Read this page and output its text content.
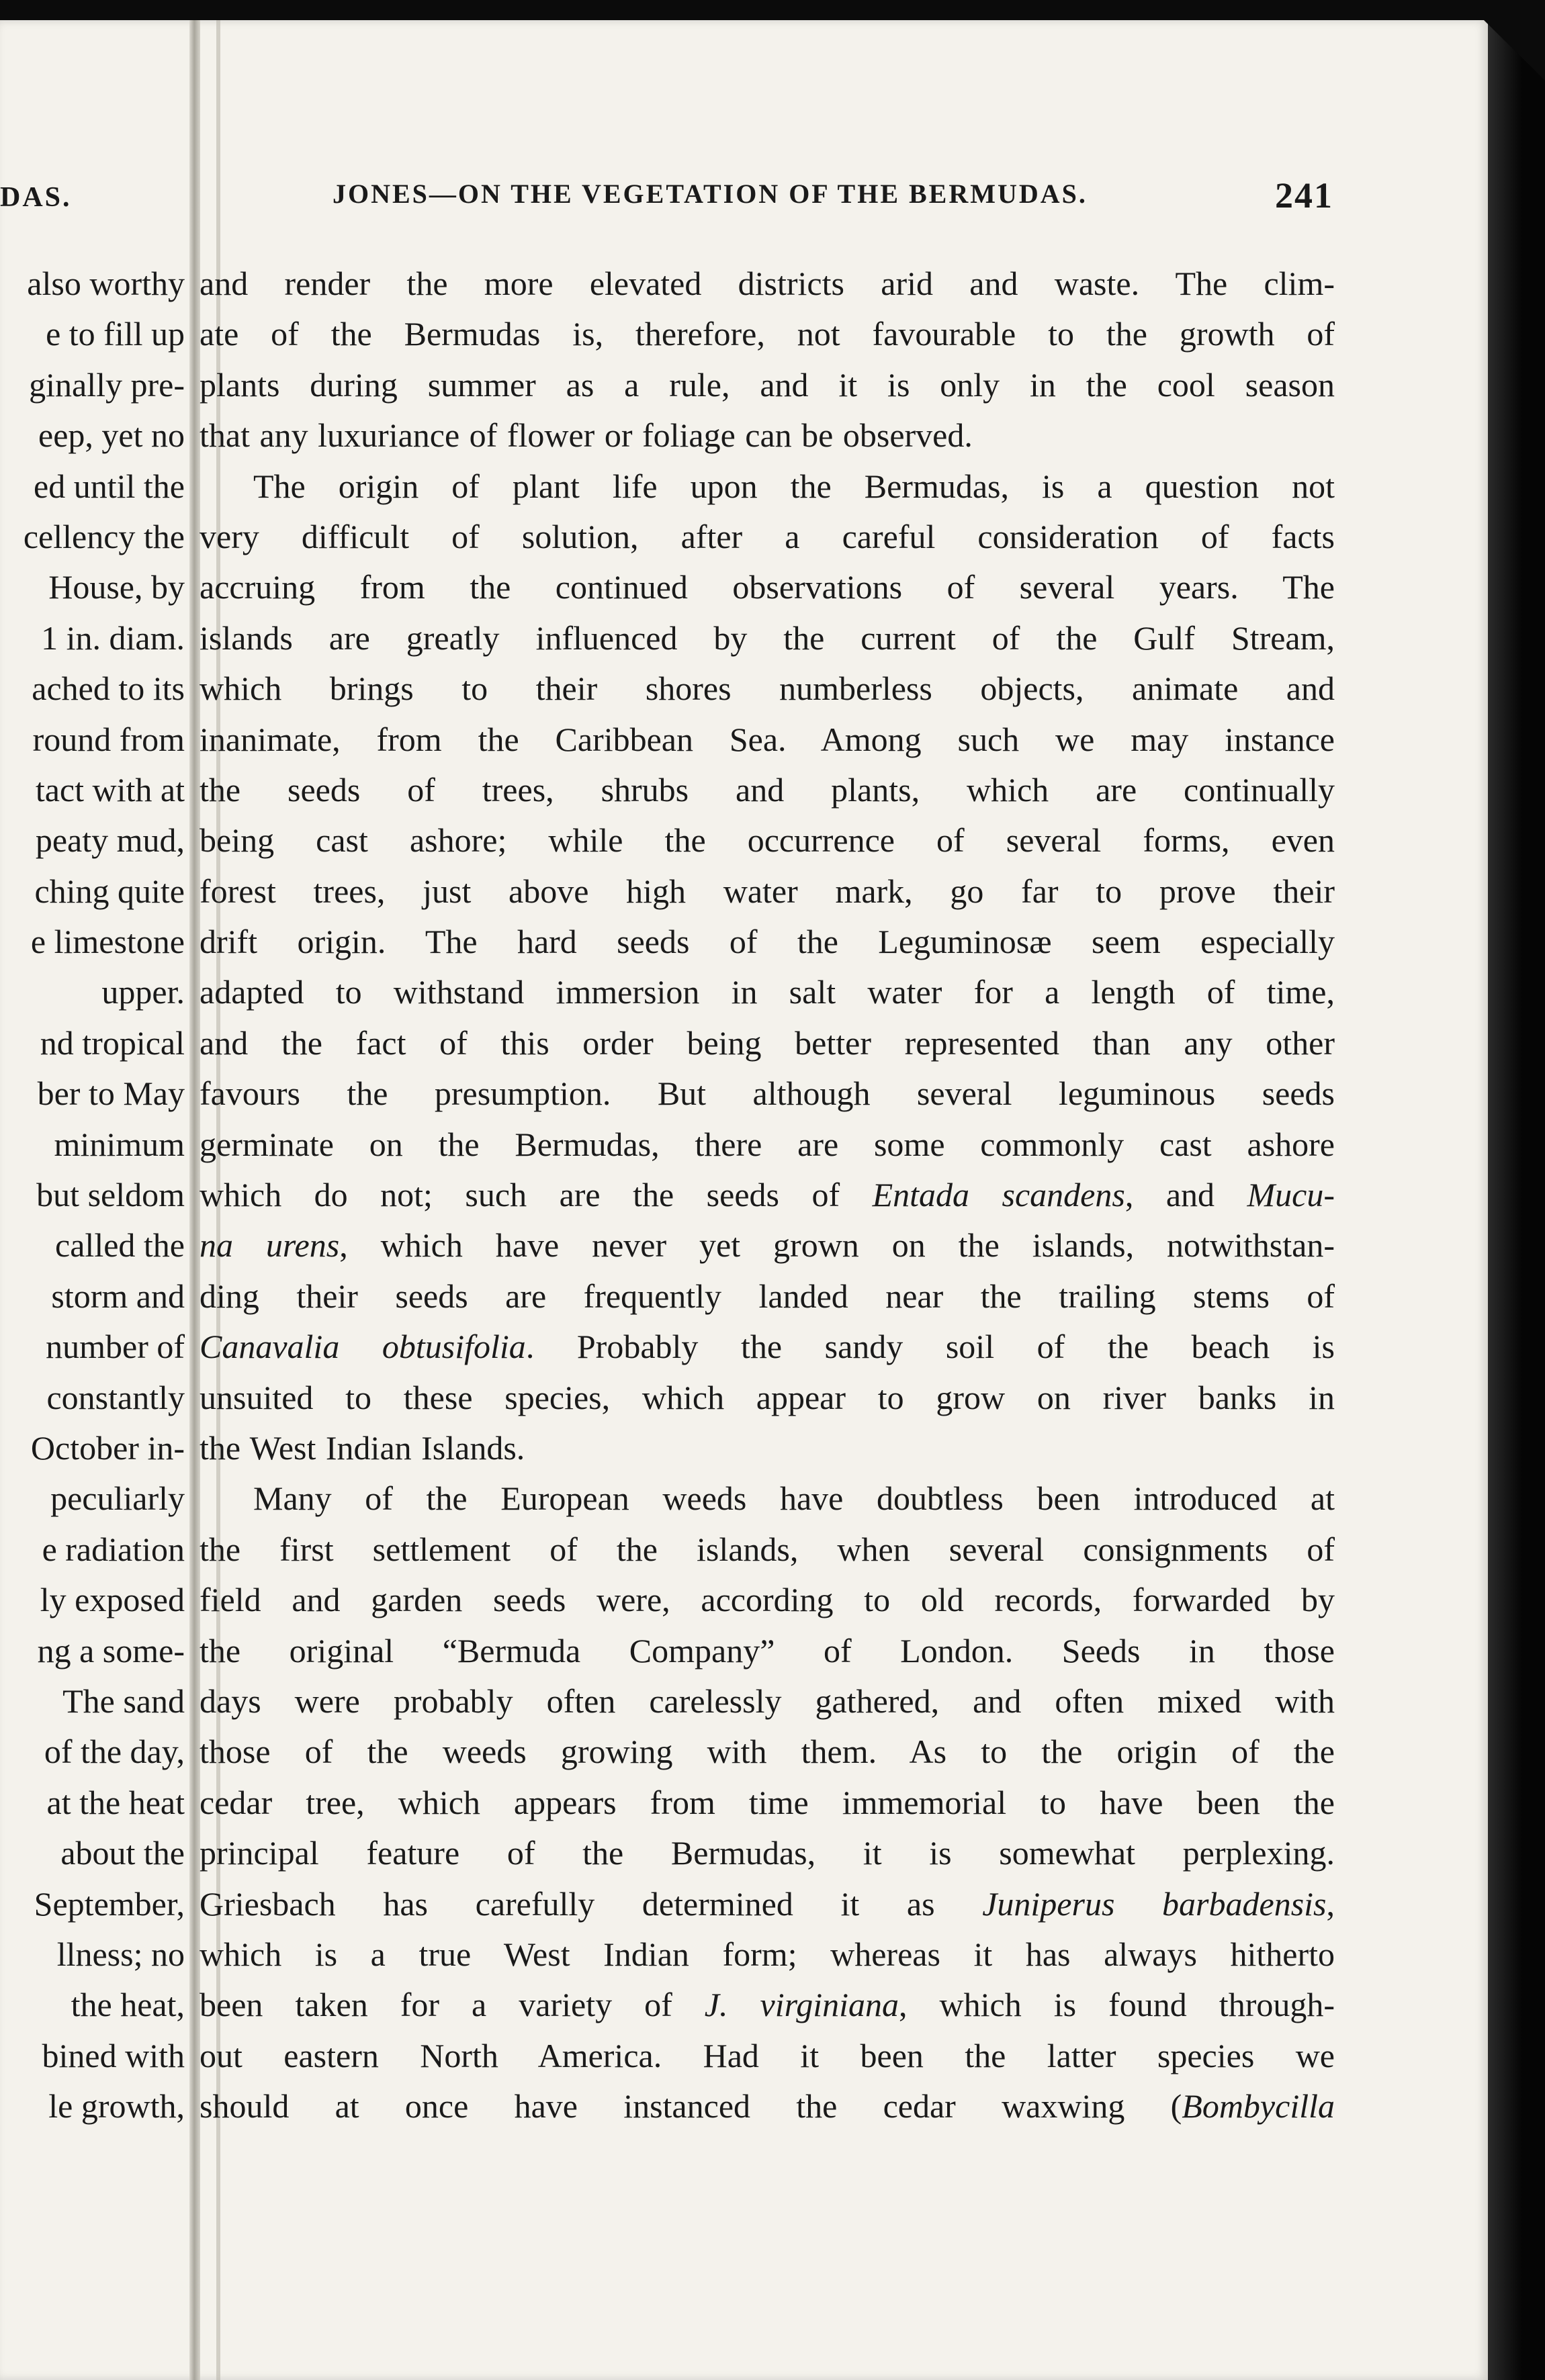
DAS.	JONES—ON THE VEGETATION OF THE BERMUDAS.	241
also worthy
e to fill up
ginally pre-
eep, yet no
ed until the
cellency the
House, by
1 in. diam.
ached to its
round from
tact with at
peaty mud,
ching quite
e limestone
upper.
nd tropical
ber to May
minimum
but seldom
called the
storm and
number of
constantly
October in-
peculiarly
e radiation
ly exposed
ng a some-
The sand
of the day,
at the heat
about the
September,
llness; no
the heat,
bined with
le growth,
and render the more elevated districts arid and waste. The clim-
ate of the Bermudas is, therefore, not favourable to the growth of
plants during summer as a rule, and it is only in the cool season
that any luxuriance of flower or foliage can be observed.
The origin of plant life upon the Bermudas, is a question not
very difficult of solution, after a careful consideration of facts
accruing from the continued observations of several years. The
islands are greatly influenced by the current of the Gulf Stream,
which brings to their shores numberless objects, animate and
inanimate, from the Caribbean Sea. Among such we may instance
the seeds of trees, shrubs and plants, which are continually
being cast ashore; while the occurrence of several forms, even
forest trees, just above high water mark, go far to prove their
drift origin. The hard seeds of the Leguminosæ seem especially
adapted to withstand immersion in salt water for a length of time,
and the fact of this order being better represented than any other
favours the presumption. But although several leguminous seeds
germinate on the Bermudas, there are some commonly cast ashore
which do not; such are the seeds of Entada scandens, and Mucu-
na urens, which have never yet grown on the islands, notwithstan-
ding their seeds are frequently landed near the trailing stems of
Canavalia obtusifolia. Probably the sandy soil of the beach is
unsuited to these species, which appear to grow on river banks in
the West Indian Islands.
Many of the European weeds have doubtless been introduced at
the first settlement of the islands, when several consignments of
field and garden seeds were, according to old records, forwarded by
the original “Bermuda Company” of London. Seeds in those
days were probably often carelessly gathered, and often mixed with
those of the weeds growing with them. As to the origin of the
cedar tree, which appears from time immemorial to have been the
principal feature of the Bermudas, it is somewhat perplexing.
Griesbach has carefully determined it as Juniperus barbadensis,
which is a true West Indian form; whereas it has always hitherto
been taken for a variety of J. virginiana, which is found through-
out eastern North America. Had it been the latter species we
should at once have instanced the cedar waxwing (Bombycilla
